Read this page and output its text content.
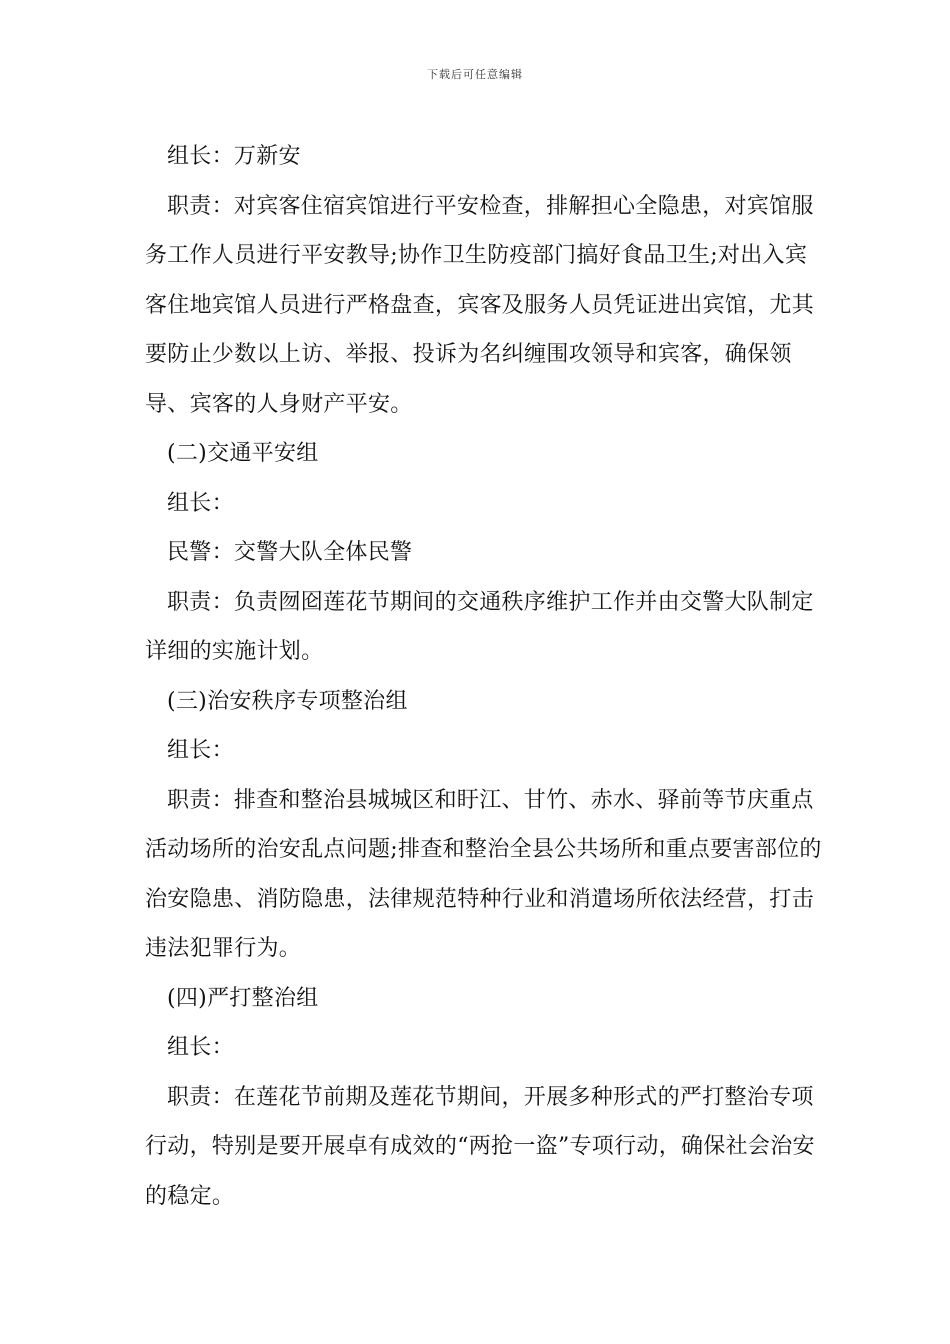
下载后可任意编辑

组长：万新安

职责：对宾客住宿宾馆进行平安检查，排解担心全隐患，对宾馆服务工作人员进行平安教导;协作卫生防疫部门搞好食品卫生;对出入宾客住地宾馆人员进行严格盘查，宾客及服务人员凭证进出宾馆，尤其要防止少数以上访、举报、投诉为名纠缠围攻领导和宾客，确保领导、宾客的人身财产平安。

(二)交通平安组

组长：

民警：交警大队全体民警

职责：负责囫囵莲花节期间的交通秩序维护工作并由交警大队制定详细的实施计划。

(三)治安秩序专项整治组

组长：

职责：排查和整治县城城区和盱江、甘竹、赤水、驿前等节庆重点活动场所的治安乱点问题;排查和整治全县公共场所和重点要害部位的治安隐患、消防隐患，法律规范特种行业和消遣场所依法经营，打击违法犯罪行为。

(四)严打整治组

组长：

职责：在莲花节前期及莲花节期间，开展多种形式的严打整治专项行动，特别是要开展卓有成效的“两抢一盗”专项行动，确保社会治安的稳定。
